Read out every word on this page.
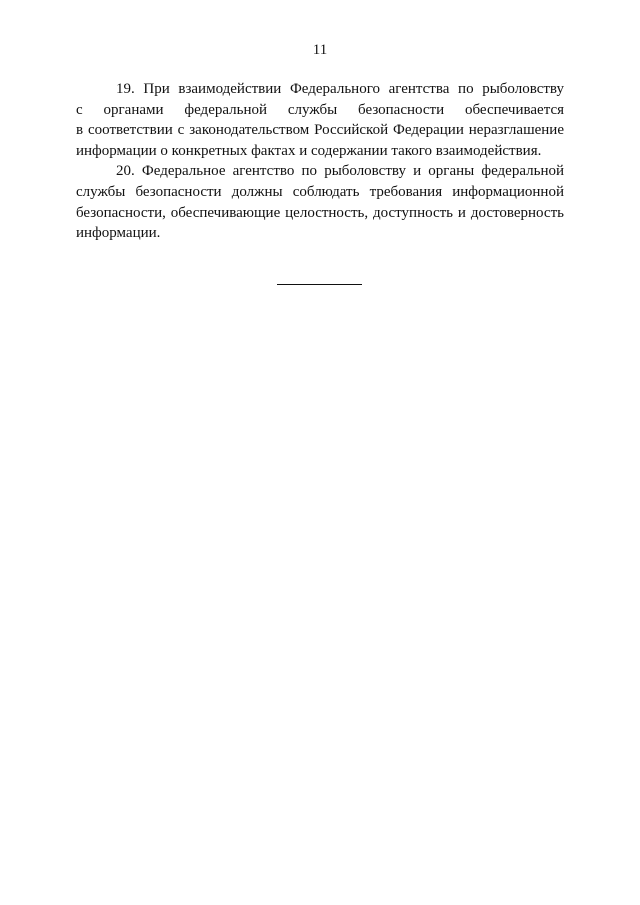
11
19. При взаимодействии Федерального агентства по рыболовству
с органами федеральной службы безопасности обеспечивается
в соответствии с законодательством Российской Федерации неразглашение
информации о конкретных фактах и содержании такого взаимодействия.
20. Федеральное агентство по рыболовству и органы федеральной
службы безопасности должны соблюдать требования информационной
безопасности, обеспечивающие целостность, доступность и достоверность
информации.
